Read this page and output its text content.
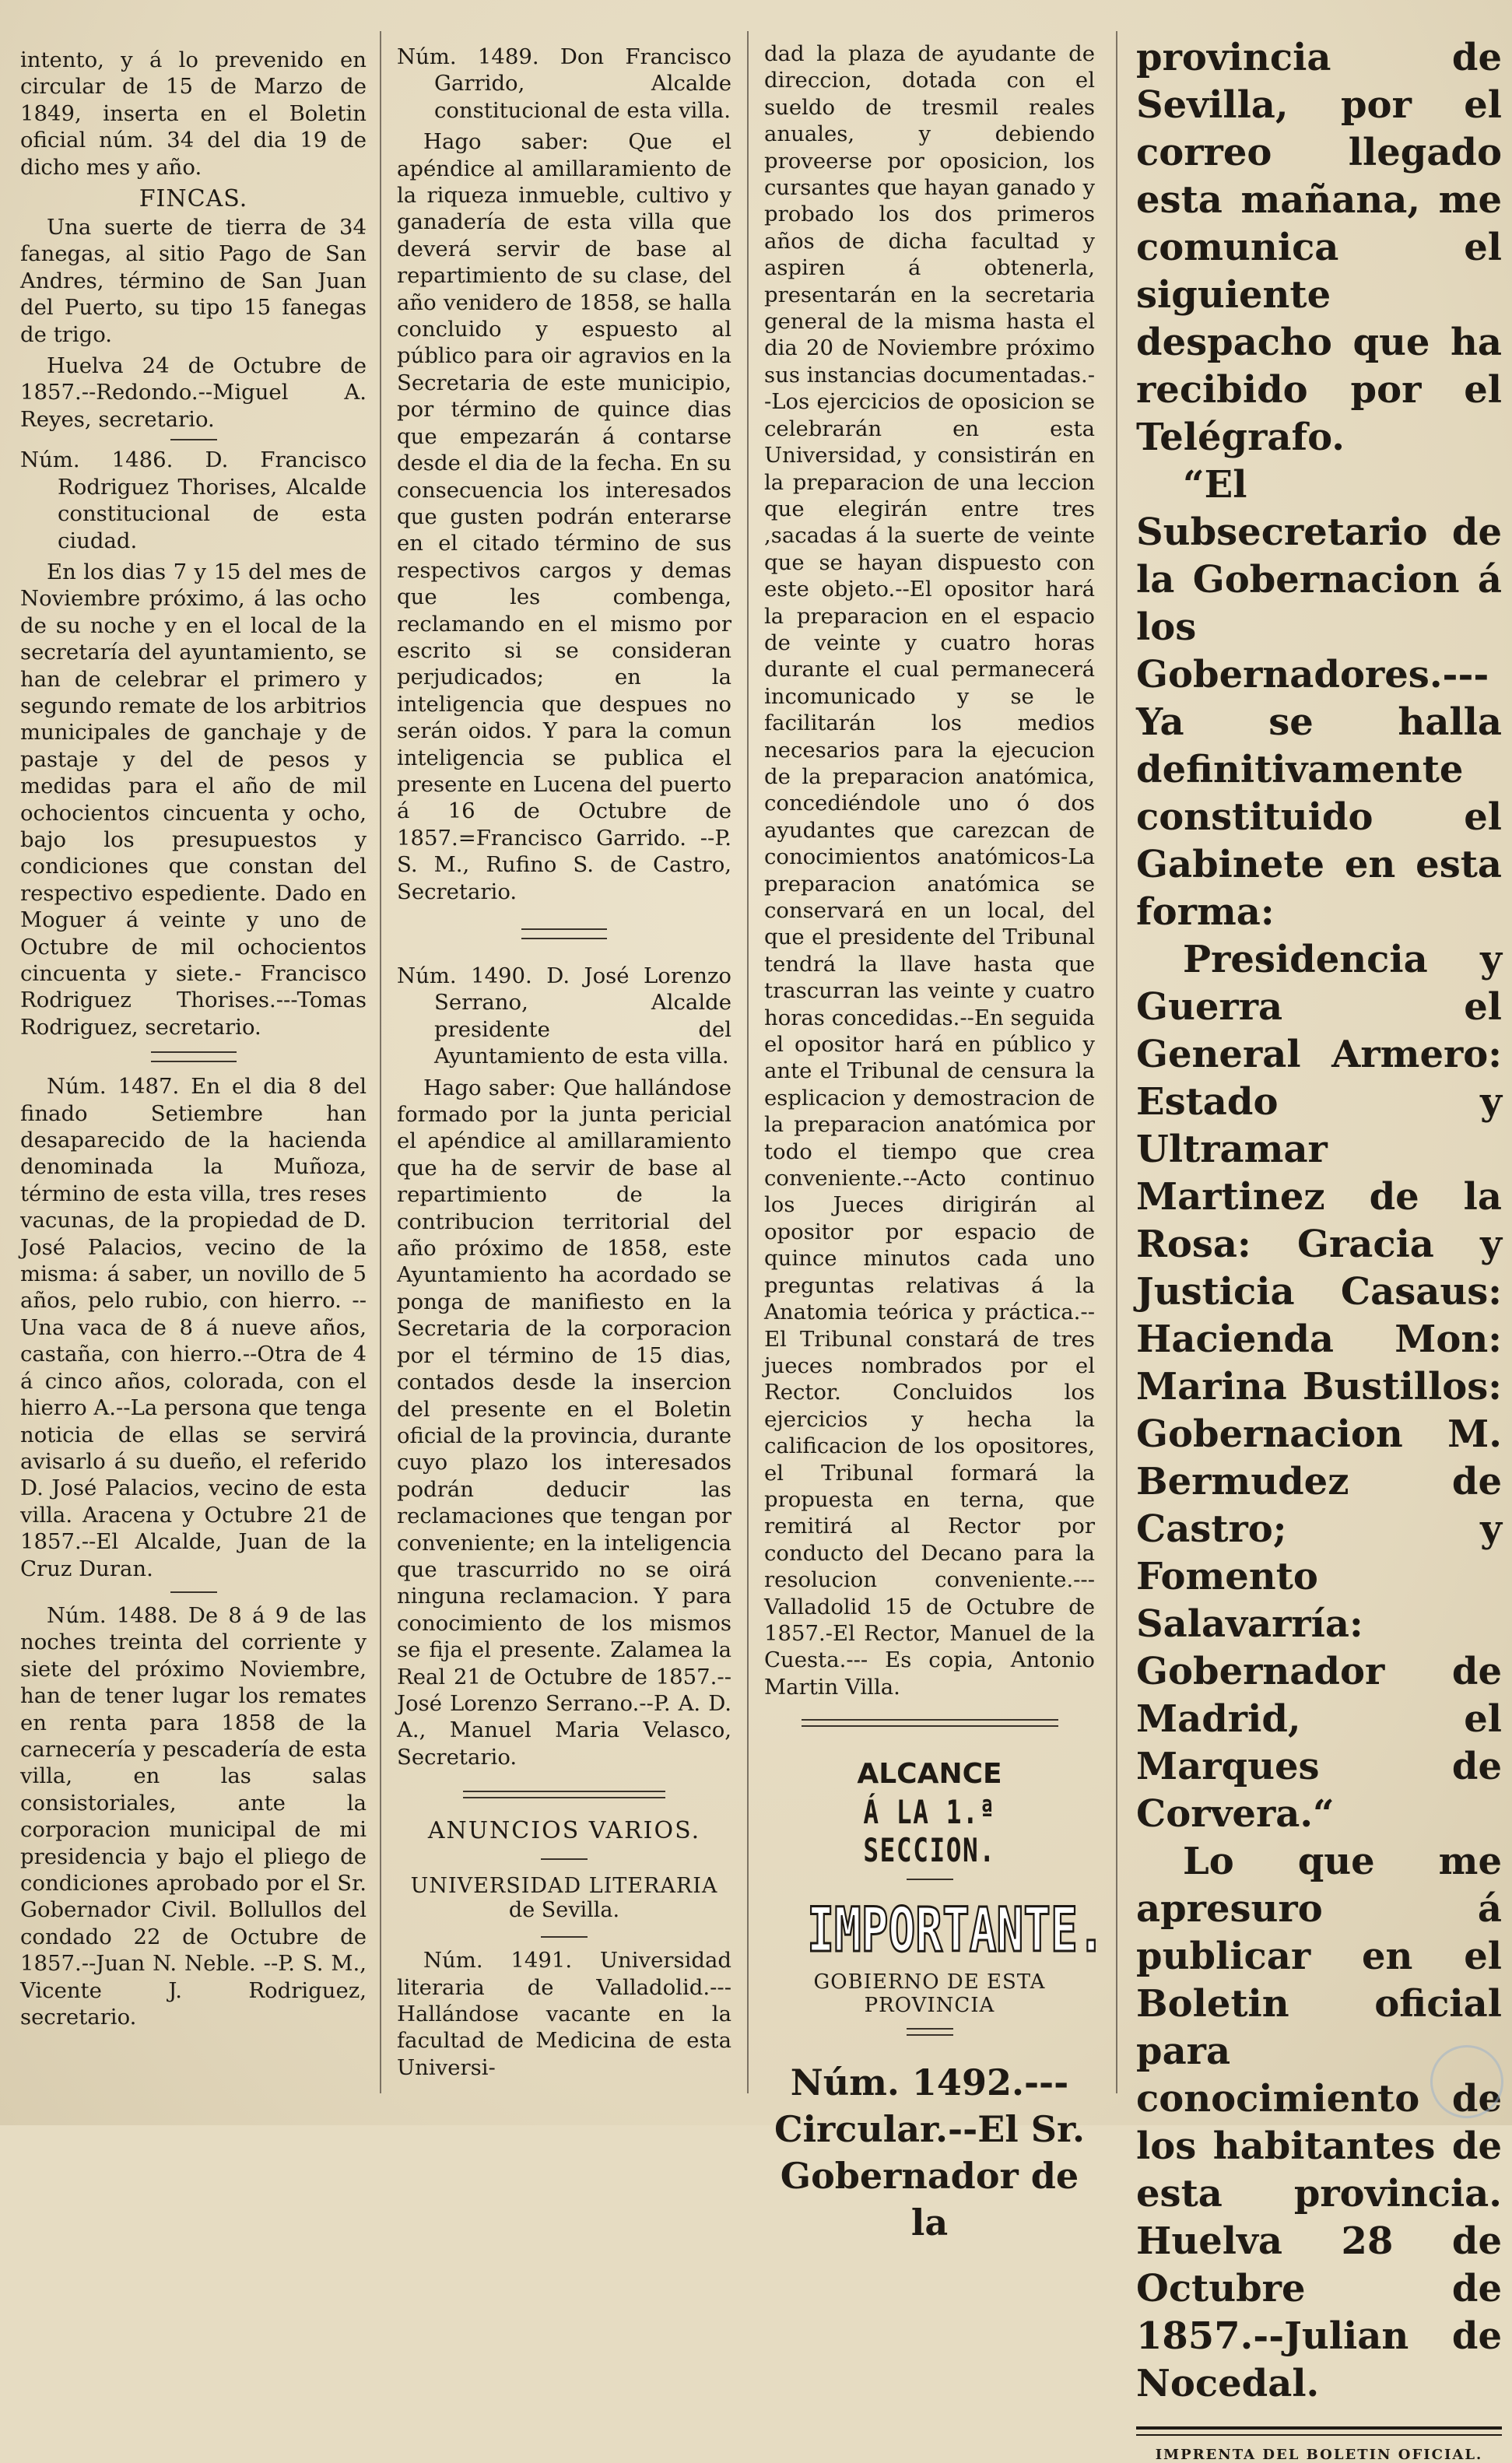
intento, y á lo prevenido en circular de 15 de Marzo de 1849, inserta en el Boletin oficial núm. 34 del dia 19 de dicho mes y año.

FINCAS.

Una suerte de tierra de 34 fanegas, al sitio Pago de San Andres, término de San Juan del Puerto, su tipo 15 fanegas de trigo.

Huelva 24 de Octubre de 1857.--Redondo.--Miguel A. Reyes, secretario.

Núm. 1486. D. Francisco Rodriguez Thorises, Alcalde constitucional de esta ciudad.

En los dias 7 y 15 del mes de Noviembre próximo, á las ocho de su noche y en el local de la secretaría del ayuntamiento, se han de celebrar el primero y segundo remate de los arbitrios municipales de ganchaje y de pastaje y del de pesos y medidas para el año de mil ochocientos cincuenta y ocho, bajo los presupuestos y condiciones que constan del respectivo espediente. Dado en Moguer á veinte y uno de Octubre de mil ochocientos cincuenta y siete.- Francisco Rodriguez Thorises.---Tomas Rodriguez, secretario.

Núm. 1487. En el dia 8 del finado Setiembre han desaparecido de la hacienda denominada la Muñoza, término de esta villa, tres reses vacunas, de la propiedad de D. José Palacios, vecino de la misma: á saber, un novillo de 5 años, pelo rubio, con hierro. --Una vaca de 8 á nueve años, castaña, con hierro.--Otra de 4 á cinco años, colorada, con el hierro A.--La persona que tenga noticia de ellas se servirá avisarlo á su dueño, el referido D. José Palacios, vecino de esta villa. Aracena y Octubre 21 de 1857.--El Alcalde, Juan de la Cruz Duran.

Núm. 1488. De 8 á 9 de las noches treinta del corriente y siete del próximo Noviembre, han de tener lugar los remates en renta para 1858 de la carnecería y pescadería de esta villa, en las salas consistoriales, ante la corporacion municipal de mi presidencia y bajo el pliego de condiciones aprobado por el Sr. Gobernador Civil. Bollullos del condado 22 de Octubre de 1857.--Juan N. Neble. --P. S. M., Vicente J. Rodriguez, secretario.

Núm. 1489. Don Francisco Garrido, Alcalde constitucional de esta villa.

Hago saber: Que el apéndice al amillaramiento de la riqueza inmueble, cultivo y ganadería de esta villa que deverá servir de base al repartimiento de su clase, del año venidero de 1858, se halla concluido y espuesto al público para oir agravios en la Secretaria de este municipio, por término de quince dias que empezarán á contarse desde el dia de la fecha. En su consecuencia los interesados que gusten podrán enterarse en el citado término de sus respectivos cargos y demas que les combenga, reclamando en el mismo por escrito si se consideran perjudicados; en la inteligencia que despues no serán oidos. Y para la comun inteligencia se publica el presente en Lucena del puerto á 16 de Octubre de 1857.=Francisco Garrido. --P. S. M., Rufino S. de Castro, Secretario.

Núm. 1490. D. José Lorenzo Serrano, Alcalde presidente del Ayuntamiento de esta villa.

Hago saber: Que hallándose formado por la junta pericial el apéndice al amillaramiento que ha de servir de base al repartimiento de la contribucion territorial del año próximo de 1858, este Ayuntamiento ha acordado se ponga de manifiesto en la Secretaria de la corporacion por el término de 15 dias, contados desde la insercion del presente en el Boletin oficial de la provincia, durante cuyo plazo los interesados podrán deducir las reclamaciones que tengan por conveniente; en la inteligencia que trascurrido no se oirá ninguna reclamacion. Y para conocimiento de los mismos se fija el presente. Zalamea la Real 21 de Octubre de 1857.--José Lorenzo Serrano.--P. A. D. A., Manuel Maria Velasco, Secretario.

ANUNCIOS VARIOS.

UNIVERSIDAD LITERARIA

de Sevilla.

Núm. 1491. Universidad literaria de Valladolid.---Hallándose vacante en la facultad de Medicina de esta Universi-

dad la plaza de ayudante de direccion, dotada con el sueldo de tresmil reales anuales, y debiendo proveerse por oposicion, los cursantes que hayan ganado y probado los dos primeros años de dicha facultad y aspiren á obtenerla, presentarán en la secretaria general de la misma hasta el dia 20 de Noviembre próximo sus instancias documentadas.--Los ejercicios de oposicion se celebrarán en esta Universidad, y consistirán en la preparacion de una leccion que elegirán entre tres ,sacadas á la suerte de veinte que se hayan dispuesto con este objeto.--El opositor hará la preparacion en el espacio de veinte y cuatro horas durante el cual permanecerá incomunicado y se le facilitarán los medios necesarios para la ejecucion de la preparacion anatómica, concediéndole uno ó dos ayudantes que carezcan de conocimientos anatómicos-La preparacion anatómica se conservará en un local, del que el presidente del Tribunal tendrá la llave hasta que trascurran las veinte y cuatro horas concedidas.--En seguida el opositor hará en público y ante el Tribunal de censura la esplicacion y demostracion de la preparacion anatómica por todo el tiempo que crea conveniente.--Acto continuo los Jueces dirigirán al opositor por espacio de quince minutos cada uno preguntas relativas á la Anatomia teórica y práctica.--El Tribunal constará de tres jueces nombrados por el Rector. Concluidos los ejercicios y hecha la calificacion de los opositores, el Tribunal formará la propuesta en terna, que remitirá al Rector por conducto del Decano para la resolucion conveniente.---Valladolid 15 de Octubre de 1857.-El Rector, Manuel de la Cuesta.--- Es copia, Antonio Martin Villa.

ALCANCE

Á LA 1.ª SECCION.

IMPORTANTE.

GOBIERNO DE ESTA PROVINCIA

Núm. 1492.--- Circular.--El Sr. Gobernador de la

provincia de Sevilla, por el correo llegado esta mañana, me comunica el siguiente despacho que ha recibido por el Telégrafo.

“El Subsecretario de la Gobernacion á los Gobernadores.---Ya se halla definitivamente constituido el Gabinete en esta forma:

Presidencia y Guerra el General Armero: Estado y Ultramar Martinez de la Rosa: Gracia y Justicia Casaus: Hacienda Mon: Marina Bustillos: Gobernacion M. Bermudez de Castro; y Fomento Salavarría: Gobernador de Madrid, el Marques de Corvera.“

Lo que me apresuro á publicar en el Boletin oficial para conocimiento de los habitantes de esta provincia. Huelva 28 de Octubre de 1857.--Julian de Nocedal.

IMPRENTA DEL BOLETIN OFICIAL.
